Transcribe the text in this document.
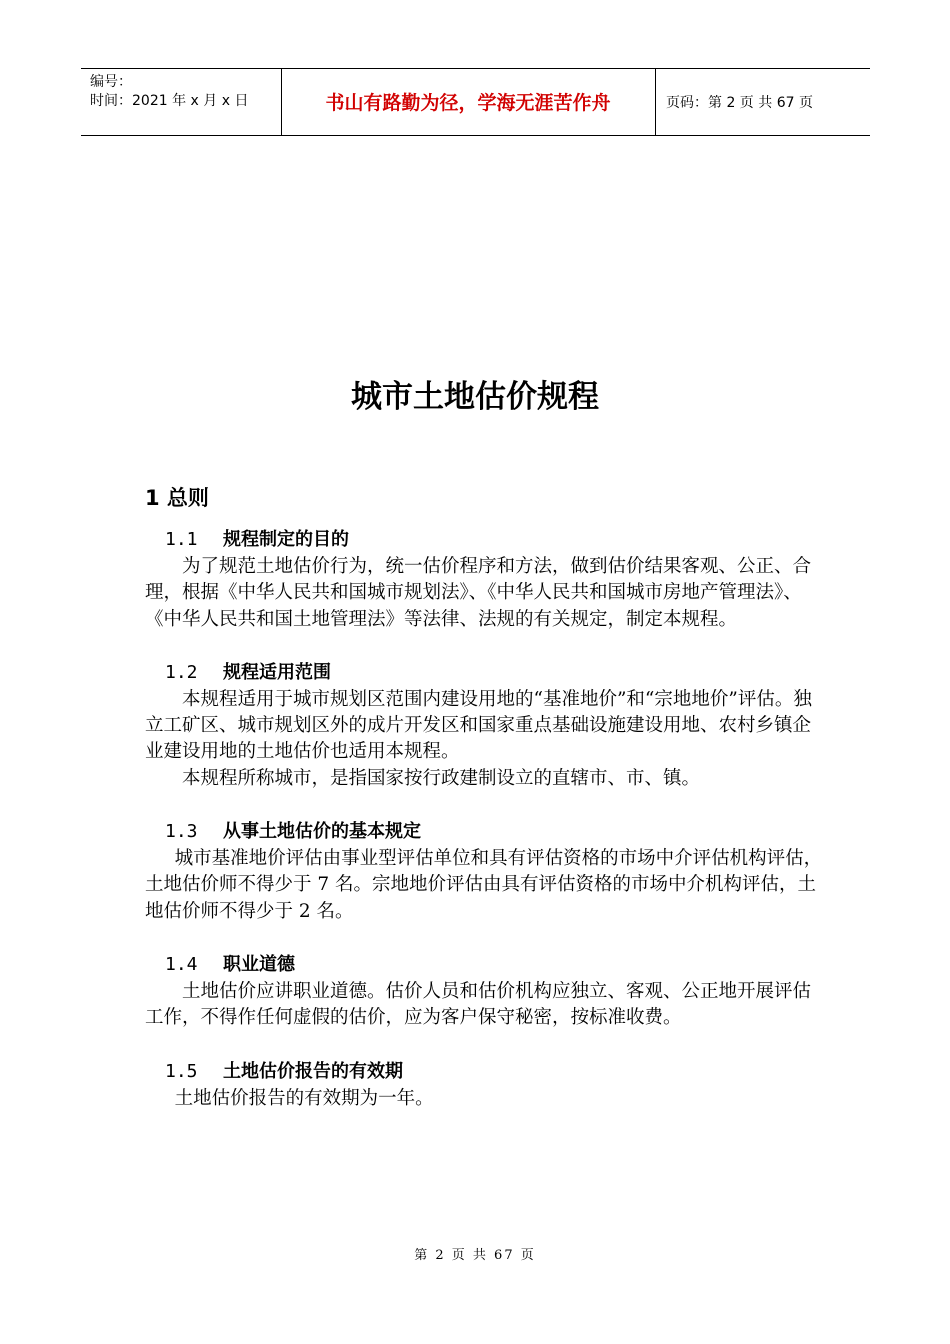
编号：
时间：2021 年 x 月 x 日	书山有路勤为径，学海无涯苦作舟	页码：第 2 页 共 67 页
城市土地估价规程
1 总则
1.1 规程制定的目的

为了规范土地估价行为，统一估价程序和方法，做到估价结果客观、公正、合理，根据《中华人民共和国城市规划法》、《中华人民共和国城市房地产管理法》、《中华人民共和国土地管理法》等法律、法规的有关规定，制定本规程。

1.2 规程适用范围

本规程适用于城市规划区范围内建设用地的“基准地价”和“宗地地价”评估。独立工矿区、城市规划区外的成片开发区和国家重点基础设施建设用地、农村乡镇企业建设用地的土地估价也适用本规程。

本规程所称城市，是指国家按行政建制设立的直辖市、市、镇。

1.3 从事土地估价的基本规定

城市基准地价评估由事业型评估单位和具有评估资格的市场中介评估机构评估，土地估价师不得少于 7 名。宗地地价评估由具有评估资格的市场中介机构评估，土地估价师不得少于 2 名。

1.4 职业道德

土地估价应讲职业道德。估价人员和估价机构应独立、客观、公正地开展评估工作，不得作任何虚假的估价，应为客户保守秘密，按标准收费。

1.5 土地估价报告的有效期

土地估价报告的有效期为一年。

第 2 页 共 67 页
